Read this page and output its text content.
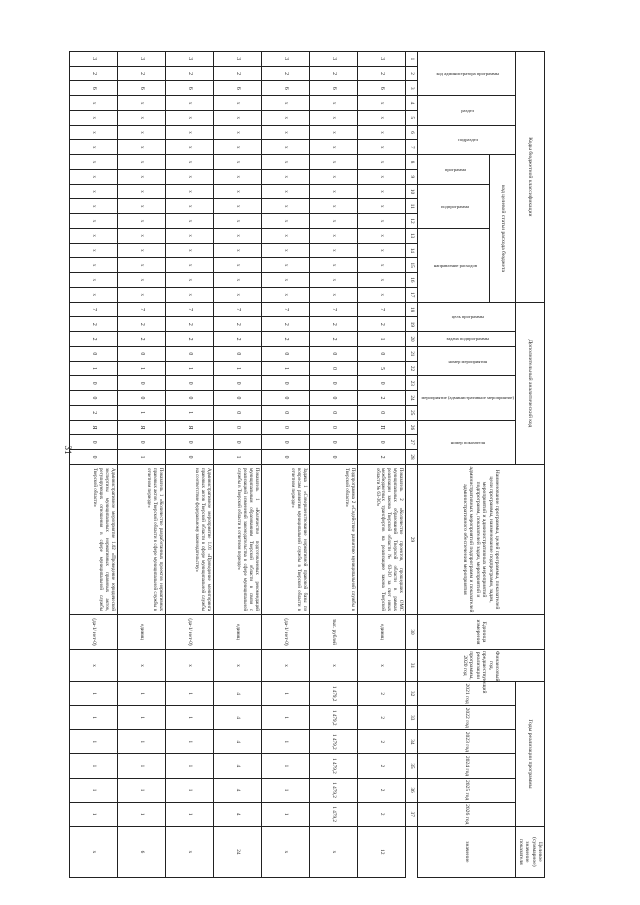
31
Коды бюджетной классификации																	Дополнительный аналитический код											Наименование программы, целей программы, показателей цели программы, наименование подпрограмм, задач, мероприятий и административных мероприятий подпрограмм, показателей задач, мероприятий и административных мероприятий подпрограмм и показателей административного обеспечения мероприятия	Единица измерения	Финансовый год, предшествующий реализации программы, 2020 год	Годы реализации программы						Целевое (суммарное) значение показателя
код администратора программы			раздел		подраздел		код целевой статьи расхода бюджета										цель программы		задача подпрограммы	номер мероприятия		мероприятие (административное мероприятие)			номер показателя						2021 год	2022 год	2023 год	2024 год	2025 год	2026 год	значение
							программа		подпрограмма			направление расходов																									
1	2	3	4	5	6	7	8	9	10	11	12	13	14	15	16	17	18	19	20	21	22	23	24	25	26	27	28	29	30	31	32	33	34	35	36	37	
3	2	6	х	х	х	х	х	х	х	х	х	х	х	х	х	х	7	2	1	0	5	0	2	0	П	0	2	Показатель 2 «Количество проектов, прошедших ОМС муниципальных образований Тверской области в рамках реализации закона Тверской области № 63-ЗО за счет иных межбюджетных трансфертов на реализацию закона Тверской области № 63-ЗО»	единиц	х	2	2	2	2	2	2	12
3	2	6	х	х	х	х	х	х	х	х	х	х	х	х	х	х	7	2	2	0	0	0	0	0	0	0	0	Подпрограмма 2 «Содействие развитию муниципальной службы в Тверской области»	тыс. рублей	х	1 479,2	1 479,2	1 479,2	1 479,2	1 479,2	1 479,2	х
3	2	6	х	х	х	х	х	х	х	х	х	х	х	х	х	х	7	2	2	0	1	0	0	0	0	0	0	Задача 1 «Совершенствование нормативной правовой базы по вопросам развития муниципальной службы в Тверской области в отчетном периоде»	(да-1/ нет-0)	х	1	1	1	1	1	1	х
3	2	6	х	х	х	х	х	х	х	х	х	х	х	х	х	х	7	2	2	0	1	0	0	0	0	0	1	Показатель 1 «Количество подготовленных рекомендаций муниципальным образованиям Тверской области в связи с реализацией изменений законодательства в сфере муниципальной службы в Тверской области в отчетном периоде»	единиц	х	4	4	4	4	4	4	24
3	2	6	х	х	х	х	х	х	х	х	х	х	х	х	х	х	7	2	2	0	1	0	0	1	Я	0	0	Административное мероприятие 1.01 «Проведение мониторинга правовых актов Тверской области в сфере муниципальной службы на соответствие федеральному законодательству»	(да-1/ нет-0)	х	1	1	1	1	1	1	х
3	2	6	х	х	х	х	х	х	х	х	х	х	х	х	х	х	7	2	2	0	1	0	0	1	Я	0	1	Показатель 1 «Количество разработанных проектов нормативных правовых актов Тверской области в сфере муниципальной службы в отчетном периоде»	единиц	х	1	1	1	1	1	1	6
3	2	6	х	х	х	х	х	х	х	х	х	х	х	х	х	х	7	2	2	0	1	0	0	2	Я	0	0	Административное мероприятие 1.02 «Проведение юридической экспертизы муниципальных нормативных правовых актов, регулирующих отношения в сфере муниципальной службы Тверской области»	(да-1/ нет-0)	х	1	1	1	1	1	1	х
